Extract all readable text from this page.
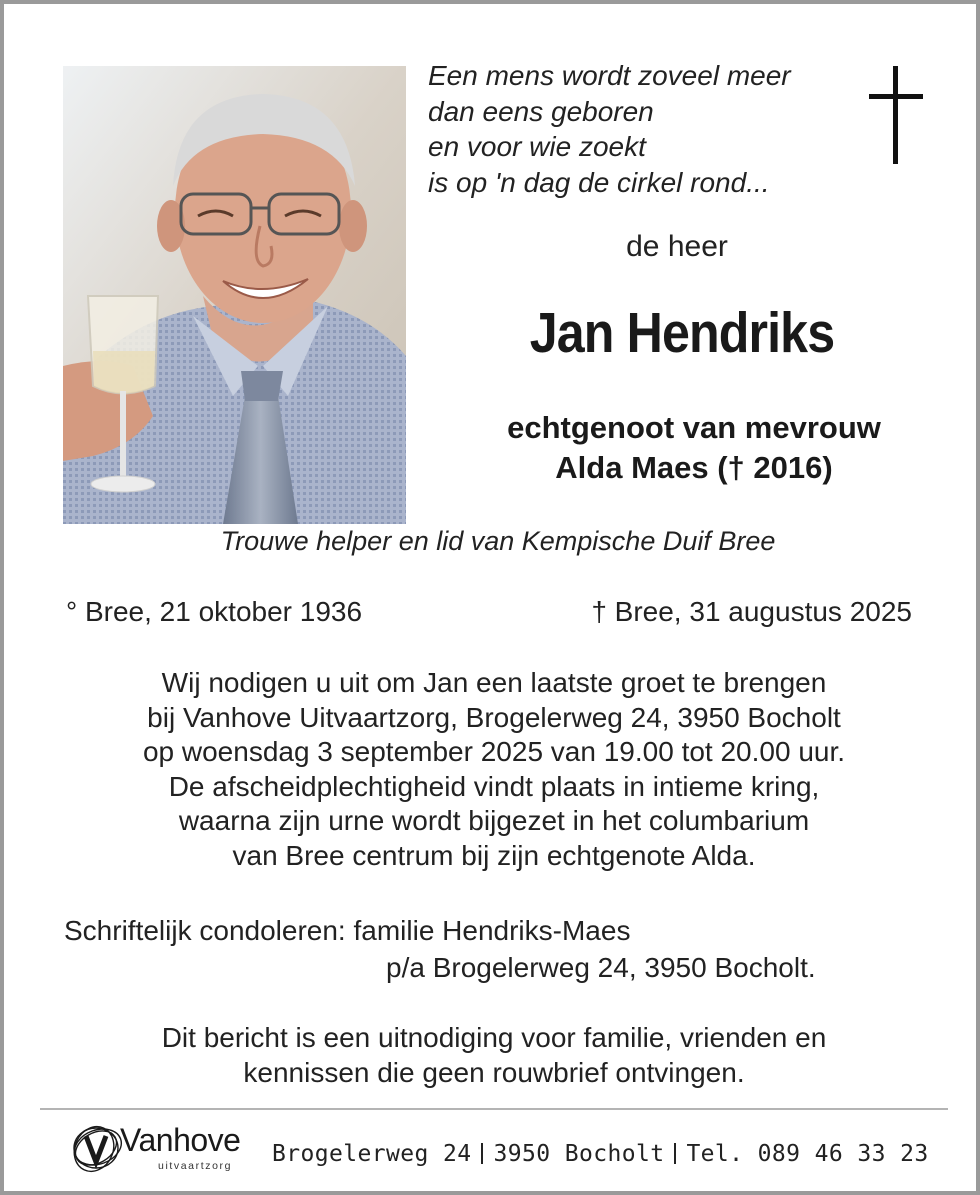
Een mens wordt zoveel meer
dan eens geboren
en voor wie zoekt
is op 'n dag de cirkel rond...
de heer
Jan Hendriks
echtgenoot van mevrouw
Alda Maes († 2016)
Trouwe helper en lid van Kempische Duif Bree
° Bree, 21 oktober 1936	† Bree, 31 augustus 2025
Wij nodigen u uit om Jan een laatste groet te brengen
bij Vanhove Uitvaartzorg, Brogelerweg 24, 3950 Bocholt
op woensdag 3 september 2025 van 19.00 tot 20.00 uur.
De afscheidplechtigheid vindt plaats in intieme kring,
waarna zijn urne wordt bijgezet in het columbarium
van Bree centrum bij zijn echtgenote Alda.
Schriftelijk condoleren: familie Hendriks-Maes
p/a Brogelerweg 24, 3950 Bocholt.
Dit bericht is een uitnodiging voor familie, vrienden en
kennissen die geen rouwbrief ontvingen.
Vanhove
uitvaartzorg Brogelerweg 24 3950 Bocholt Tel. 089 46 33 23
